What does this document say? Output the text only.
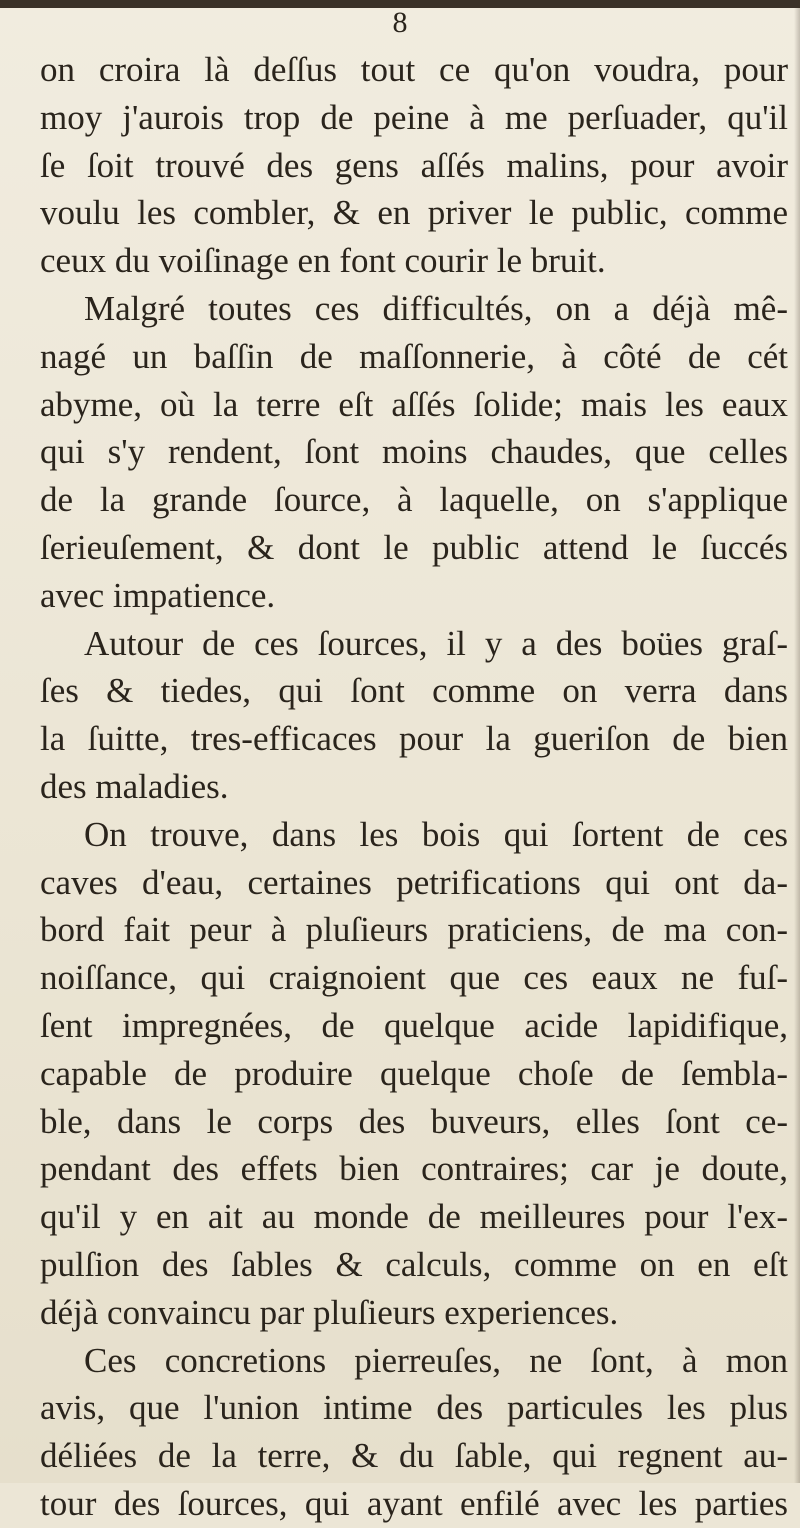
8
on croira là deſſus tout ce qu'on voudra, pour
moy j'aurois trop de peine à me perſuader, qu'il
ſe ſoit trouvé des gens aſſés malins, pour avoir
voulu les combler, & en priver le public, comme
ceux du voiſinage en font courir le bruit.
Malgré toutes ces difficultés, on a déjà mê-
nagé un baſſin de maſſonnerie, à côté de cét
abyme, où la terre eſt aſſés ſolide; mais les eaux
qui s'y rendent, ſont moins chaudes, que celles
de la grande ſource, à laquelle, on s'applique
ſerieuſement, & dont le public attend le ſuccés
avec impatience.
Autour de ces ſources, il y a des boües graſ-
ſes & tiedes, qui ſont comme on verra dans
la ſuitte, tres-efficaces pour la gueriſon de bien
des maladies.
On trouve, dans les bois qui ſortent de ces
caves d'eau, certaines petrifications qui ont da-
bord fait peur à pluſieurs praticiens, de ma con-
noiſſance, qui craignoient que ces eaux ne fuſ-
ſent impregnées, de quelque acide lapidifique,
capable de produire quelque choſe de ſembla-
ble, dans le corps des buveurs, elles ſont ce-
pendant des effets bien contraires; car je doute,
qu'il y en ait au monde de meilleures pour l'ex-
pulſion des ſables & calculs, comme on en eſt
déjà convaincu par pluſieurs experiences.
Ces concretions pierreuſes, ne ſont, à mon
avis, que l'union intime des particules les plus
déliées de la terre, & du ſable, qui regnent au-
tour des ſources, qui ayant enfilé avec les parties
